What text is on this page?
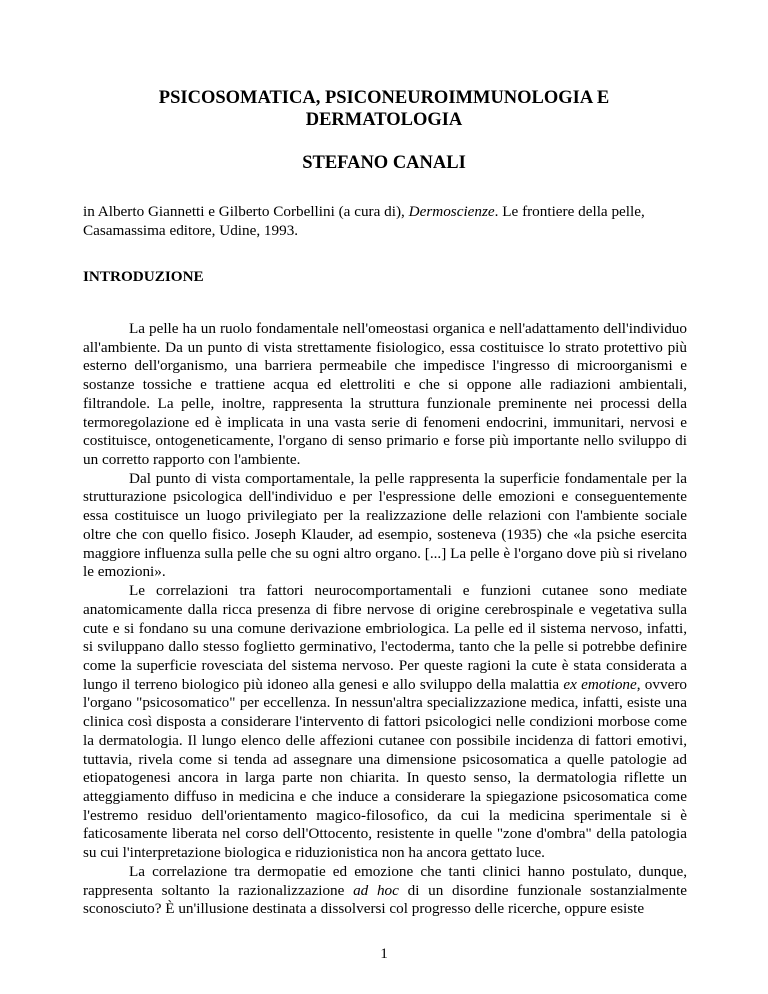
PSICOSOMATICA, PSICONEUROIMMUNOLOGIA E
DERMATOLOGIA
STEFANO CANALI
in Alberto Giannetti e Gilberto Corbellini (a cura di), Dermoscienze. Le frontiere della pelle, Casamassima editore, Udine, 1993.
INTRODUZIONE

La pelle ha un ruolo fondamentale nell'omeostasi organica e nell'adattamento dell'individuo all'ambiente. Da un punto di vista strettamente fisiologico, essa costituisce lo strato protettivo più esterno dell'organismo, una barriera permeabile che impedisce l'ingresso di microorganismi e sostanze tossiche e trattiene acqua ed elettroliti e che si oppone alle radiazioni ambientali, filtrandole. La pelle, inoltre, rappresenta la struttura funzionale preminente nei processi della termoregolazione ed è implicata in una vasta serie di fenomeni endocrini, immunitari, nervosi e costituisce, ontogeneticamente, l'organo di senso primario e forse più importante nello sviluppo di un corretto rapporto con l'ambiente.

Dal punto di vista comportamentale, la pelle rappresenta la superficie fondamentale per la strutturazione psicologica dell'individuo e per l'espressione delle emozioni e conseguentemente essa costituisce un luogo privilegiato per la realizzazione delle relazioni con l'ambiente sociale oltre che con quello fisico. Joseph Klauder, ad esempio, sosteneva (1935) che «la psiche esercita maggiore influenza sulla pelle che su ogni altro organo. [...] La pelle è l'organo dove più si rivelano le emozioni».

Le correlazioni tra fattori neurocomportamentali e funzioni cutanee sono mediate anatomicamente dalla ricca presenza di fibre nervose di origine cerebrospinale e vegetativa sulla cute e si fondano su una comune derivazione embriologica. La pelle ed il sistema nervoso, infatti, si sviluppano dallo stesso foglietto germinativo, l'ectoderma, tanto che la pelle si potrebbe definire come la superficie rovesciata del sistema nervoso. Per queste ragioni la cute è stata considerata a lungo il terreno biologico più idoneo alla genesi e allo sviluppo della malattia ex emotione, ovvero l'organo "psicosomatico" per eccellenza. In nessun'altra specializzazione medica, infatti, esiste una clinica così disposta a considerare l'intervento di fattori psicologici nelle condizioni morbose come la dermatologia. Il lungo elenco delle affezioni cutanee con possibile incidenza di fattori emotivi, tuttavia, rivela come si tenda ad assegnare una dimensione psicosomatica a quelle patologie ad etiopatogenesi ancora in larga parte non chiarita. In questo senso, la dermatologia riflette un atteggiamento diffuso in medicina e che induce a considerare la spiegazione psicosomatica come l'estremo residuo dell'orientamento magico-filosofico, da cui la medicina sperimentale si è faticosamente liberata nel corso dell'Ottocento, resistente in quelle "zone d'ombra" della patologia su cui l'interpretazione biologica e riduzionistica non ha ancora gettato luce.

La correlazione tra dermopatie ed emozione che tanti clinici hanno postulato, dunque, rappresenta soltanto la razionalizzazione ad hoc di un disordine funzionale sostanzialmente sconosciuto? È un'illusione destinata a dissolversi col progresso delle ricerche, oppure esiste

1
